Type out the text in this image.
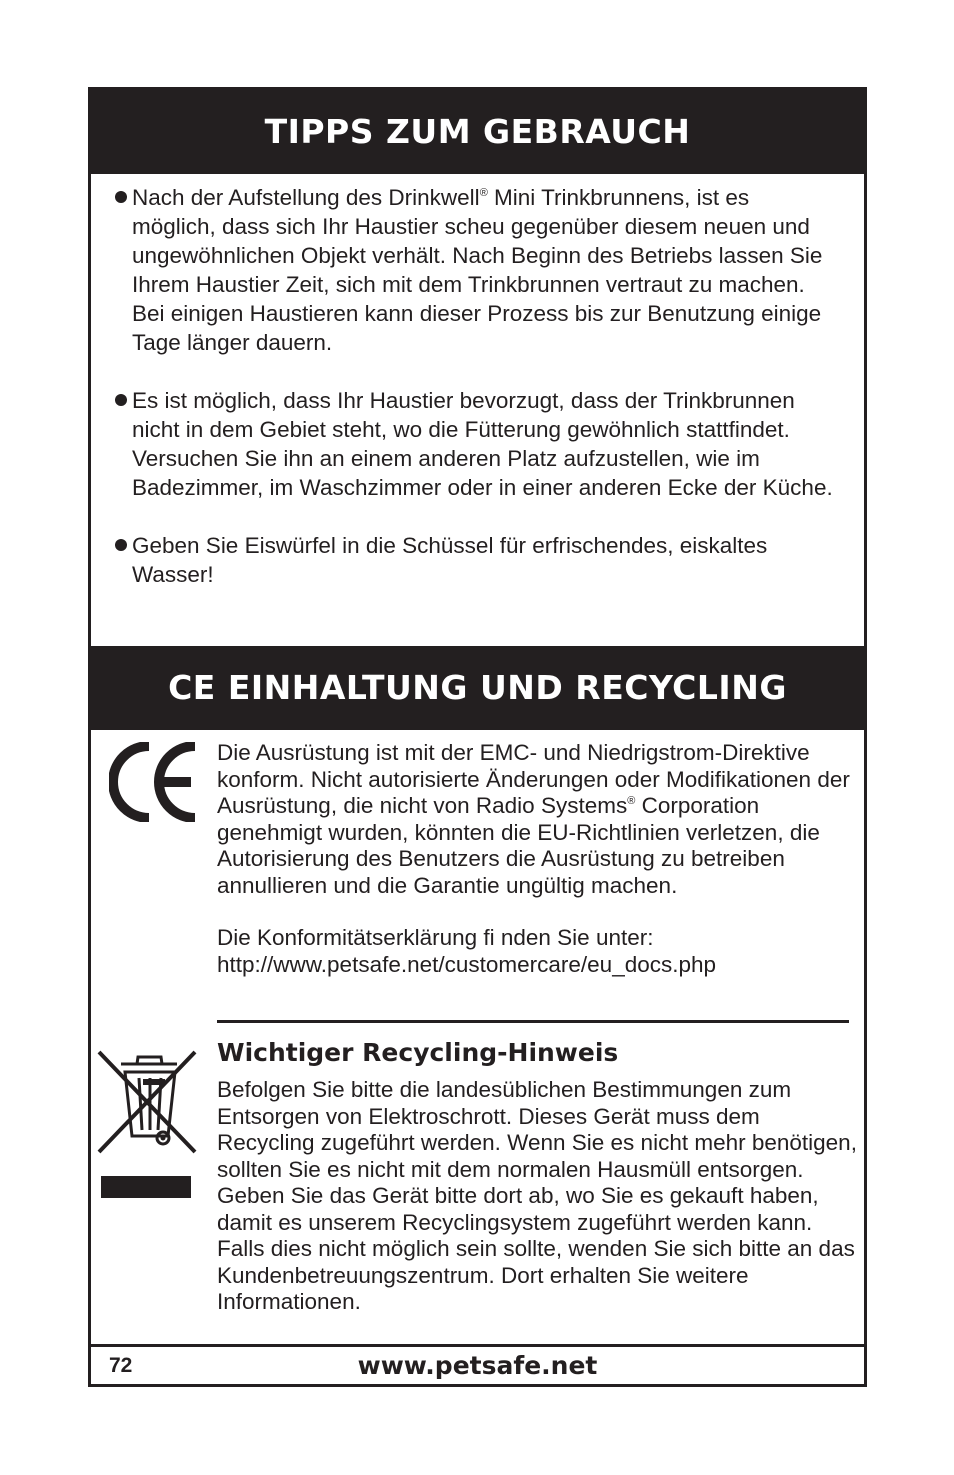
TIPPS ZUM GEBRAUCH
Nach der Aufstellung des Drinkwell® Mini Trinkbrunnens, ist es möglich, dass sich Ihr Haustier scheu gegenüber diesem neuen und ungewöhnlichen Objekt verhält. Nach Beginn des Betriebs lassen Sie Ihrem Haustier Zeit, sich mit dem Trinkbrunnen vertraut zu machen. Bei einigen Haustieren kann dieser Prozess bis zur Benutzung einige Tage länger dauern.
Es ist möglich, dass Ihr Haustier bevorzugt, dass der Trinkbrunnen nicht in dem Gebiet steht, wo die Fütterung gewöhnlich stattfindet. Versuchen Sie ihn an einem anderen Platz aufzustellen, wie im Badezimmer, im Waschzimmer oder in einer anderen Ecke der Küche.
Geben Sie Eiswürfel in die Schüssel für erfrischendes, eiskaltes Wasser!
CE EINHALTUNG UND RECYCLING

Die Ausrüstung ist mit der EMC- und Niedrigstrom-Direktive konform. Nicht autorisierte Änderungen oder Modifikationen der Ausrüstung, die nicht von Radio Systems® Corporation genehmigt wurden, könnten die EU-Richtlinien verletzen, die Autorisierung des Benutzers die Ausrüstung zu betreiben annullieren und die Garantie ungültig machen.

Die Konformitätserklärung fi nden Sie unter:
http://www.petsafe.net/customercare/eu_docs.php

Wichtiger Recycling-Hinweis

Befolgen Sie bitte die landesüblichen Bestimmungen zum Entsorgen von Elektroschrott. Dieses Gerät muss dem Recycling zugeführt werden. Wenn Sie es nicht mehr benötigen, sollten Sie es nicht mit dem normalen Hausmüll entsorgen. Geben Sie das Gerät bitte dort ab, wo Sie es gekauft haben, damit es unserem Recyclingsystem zugeführt werden kann. Falls dies nicht möglich sein sollte, wenden Sie sich bitte an das Kundenbetreuungszentrum. Dort erhalten Sie weitere Informationen.

72	www.petsafe.net
